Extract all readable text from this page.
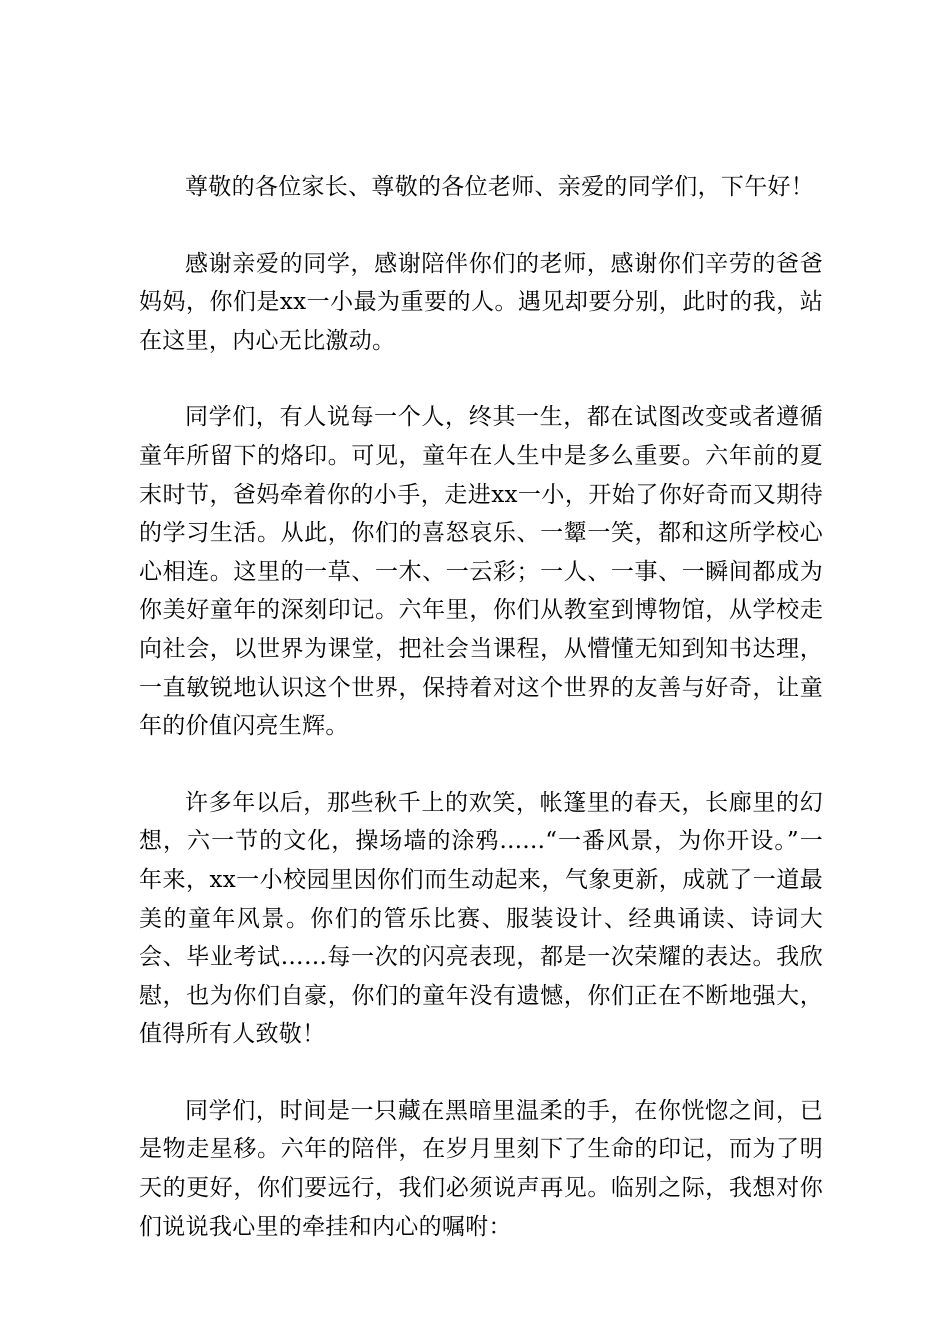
尊敬的各位家长、尊敬的各位老师、亲爱的同学们，下午好！

感谢亲爱的同学，感谢陪伴你们的老师，感谢你们辛劳的爸爸妈妈，你们是xx一小最为重要的人。遇见却要分别，此时的我，站在这里，内心无比激动。

同学们，有人说每一个人，终其一生，都在试图改变或者遵循童年所留下的烙印。可见，童年在人生中是多么重要。六年前的夏末时节，爸妈牵着你的小手，走进xx一小，开始了你好奇而又期待的学习生活。从此，你们的喜怒哀乐、一颦一笑，都和这所学校心心相连。这里的一草、一木、一云彩；一人、一事、一瞬间都成为你美好童年的深刻印记。六年里，你们从教室到博物馆，从学校走向社会，以世界为课堂，把社会当课程，从懵懂无知到知书达理，一直敏锐地认识这个世界，保持着对这个世界的友善与好奇，让童年的价值闪亮生辉。

许多年以后，那些秋千上的欢笑，帐篷里的春天，长廊里的幻想，六一节的文化，操场墙的涂鸦......“一番风景，为你开设。”一年来，xx一小校园里因你们而生动起来，气象更新，成就了一道最美的童年风景。你们的管乐比赛、服装设计、经典诵读、诗词大会、毕业考试……每一次的闪亮表现，都是一次荣耀的表达。我欣慰，也为你们自豪，你们的童年没有遗憾，你们正在不断地强大，值得所有人致敬！

同学们，时间是一只藏在黑暗里温柔的手，在你恍惚之间，已是物走星移。六年的陪伴，在岁月里刻下了生命的印记，而为了明天的更好，你们要远行，我们必须说声再见。临别之际，我想对你们说说我心里的牵挂和内心的嘱咐：
